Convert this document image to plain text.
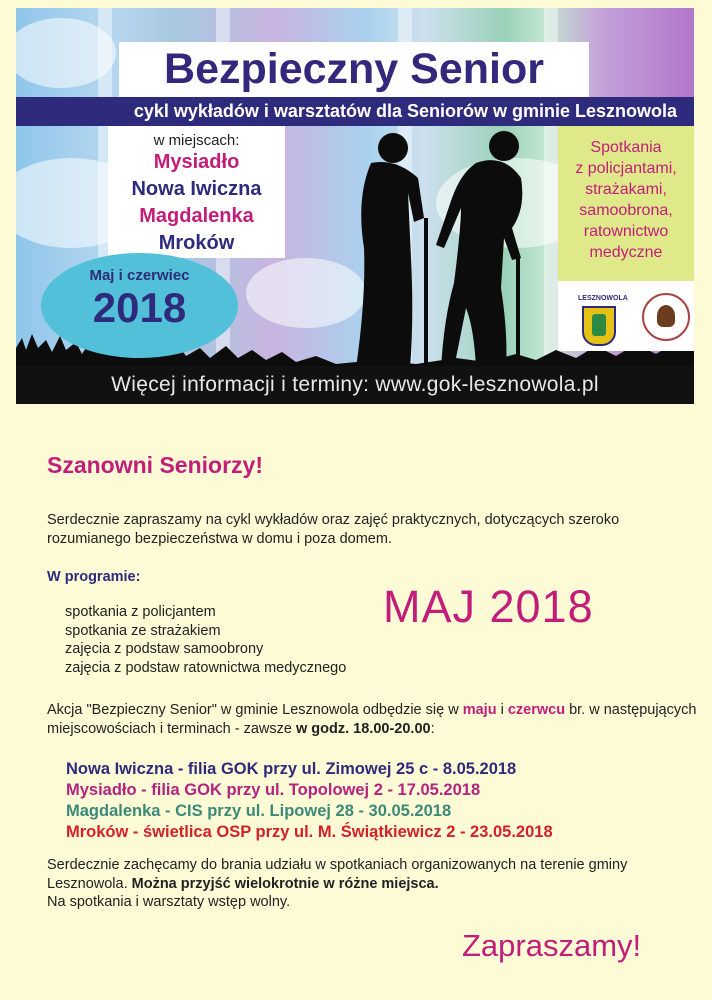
Bezpieczny Senior
cykl wykładów i warsztatów dla Seniorów w gminie Lesznowola
w miejscach:
Mysiadło
Nowa Iwiczna
Magdalenka
Mroków
Maj i czerwiec
2018
Spotkania
z policjantami,
strażakami,
samoobrona,
ratownictwo
medyczne
LESZNOWOLA
Więcej informacji i terminy: www.gok-lesznowola.pl
Szanowni Seniorzy!
Serdecznie zapraszamy na cykl wykładów oraz zajęć praktycznych, dotyczących szeroko rozumianego bezpieczeństwa w domu i poza domem.
W programie:
spotkania z policjantem
spotkania ze strażakiem
zajęcia z podstaw samoobrony
zajęcia z podstaw ratownictwa medycznego
MAJ 2018
Akcja "Bezpieczny Senior" w gminie Lesznowola odbędzie się w maju i czerwcu br. w następujących miejscowościach i terminach - zawsze w godz. 18.00-20.00:
Nowa Iwiczna - filia GOK przy ul. Zimowej 25 c - 8.05.2018
Mysiadło - filia GOK przy ul. Topolowej 2 - 17.05.2018
Magdalenka - CIS przy ul. Lipowej 28 - 30.05.2018
Mroków - świetlica OSP przy ul. M. Świątkiewicz 2 - 23.05.2018
Serdecznie zachęcamy do brania udziału w spotkaniach organizowanych na terenie gminy Lesznowola. Można przyjść wielokrotnie w różne miejsca.
Na spotkania i warsztaty wstęp wolny.
Zapraszamy!
